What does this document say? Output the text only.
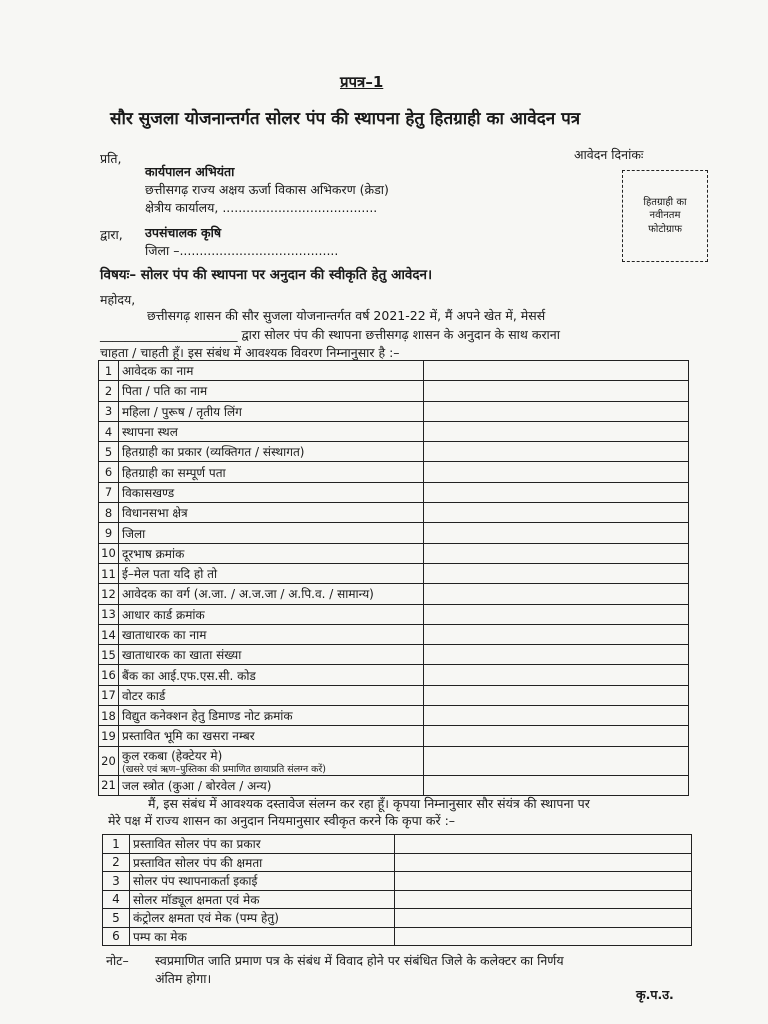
प्रपत्र–1
सौर सुजला योजनान्तर्गत सोलर पंप की स्थापना हेतु हितग्राही का आवेदन पत्र
प्रति,	आवेदन दिनांकः
कार्यपालन अभियंता
छत्तीसगढ़ राज्य अक्षय ऊर्जा विकास अभिकरण (क्रेडा)
क्षेत्रीय कार्यालय, .......................................	हितग्राही का
नवीनतम
फोटोग्राफ
द्वारा, उपसंचालक कृषि
जिला –........................................
विषयः– सोलर पंप की स्थापना पर अनुदान की स्वीकृति हेतु आवेदन।
महोदय,
छत्तीसगढ़ शासन की सौर सुजला योजनान्तर्गत वर्ष 2021-22 में, मैं अपने खेत में, मेसर्स
______________________ द्वारा सोलर पंप की स्थापना छत्तीसगढ़ शासन के अनुदान के साथ कराना
चाहता / चाहती हूँ। इस संबंध में आवश्यक विवरण निम्नानुसार है :–
1	आवेदक का नाम	
2	पिता / पति का नाम	
3	महिला / पुरूष / तृतीय लिंग	
4	स्थापना स्थल	
5	हितग्राही का प्रकार (व्यक्तिगत / संस्थागत)	
6	हितग्राही का सम्पूर्ण पता	
7	विकासखण्ड	
8	विधानसभा क्षेत्र	
9	जिला	
10	दूरभाष क्रमांक	
11	ई–मेल पता यदि हो तो	
12	आवेदक का वर्ग (अ.जा. / अ.ज.जा / अ.पि.व. / सामान्य)	
13	आधार कार्ड क्रमांक	
14	खाताधारक का नाम	
15	खाताधारक का खाता संख्या	
16	बैंक का आई.एफ.एस.सी. कोड	
17	वोटर कार्ड	
18	विद्युत कनेक्शन हेतु डिमाण्ड नोट क्रमांक	
19	प्रस्तावित भूमि का खसरा नम्बर	
20	कुल रकबा (हेक्टेयर मे)
(खसरे एवं ऋण–पुस्तिका की प्रमाणित छायाप्रति संलग्न करें)	

21	जल स्त्रोत (कुआ / बोरवेल / अन्य)	
मैं, इस संबंध में आवश्यक दस्तावेज संलग्न कर रहा हूँ। कृपया निम्नानुसार सौर संयंत्र की स्थापना पर
मेरे पक्ष में राज्य शासन का अनुदान नियमानुसार स्वीकृत करने कि कृपा करें :–
1	प्रस्तावित सोलर पंप का प्रकार	
2	प्रस्तावित सोलर पंप की क्षमता	
3	सोलर पंप स्थापनाकर्ता इकाई	
4	सोलर मॉड्यूल क्षमता एवं मेक	
5	कंट्रोलर क्षमता एवं मेक (पम्प हेतु)	
6	पम्प का मेक	
नोट– स्वप्रमाणित जाति प्रमाण पत्र के संबंध में विवाद होने पर संबंधित जिले के कलेक्टर का निर्णय
अंतिम होगा।
कृ.प.उ.
